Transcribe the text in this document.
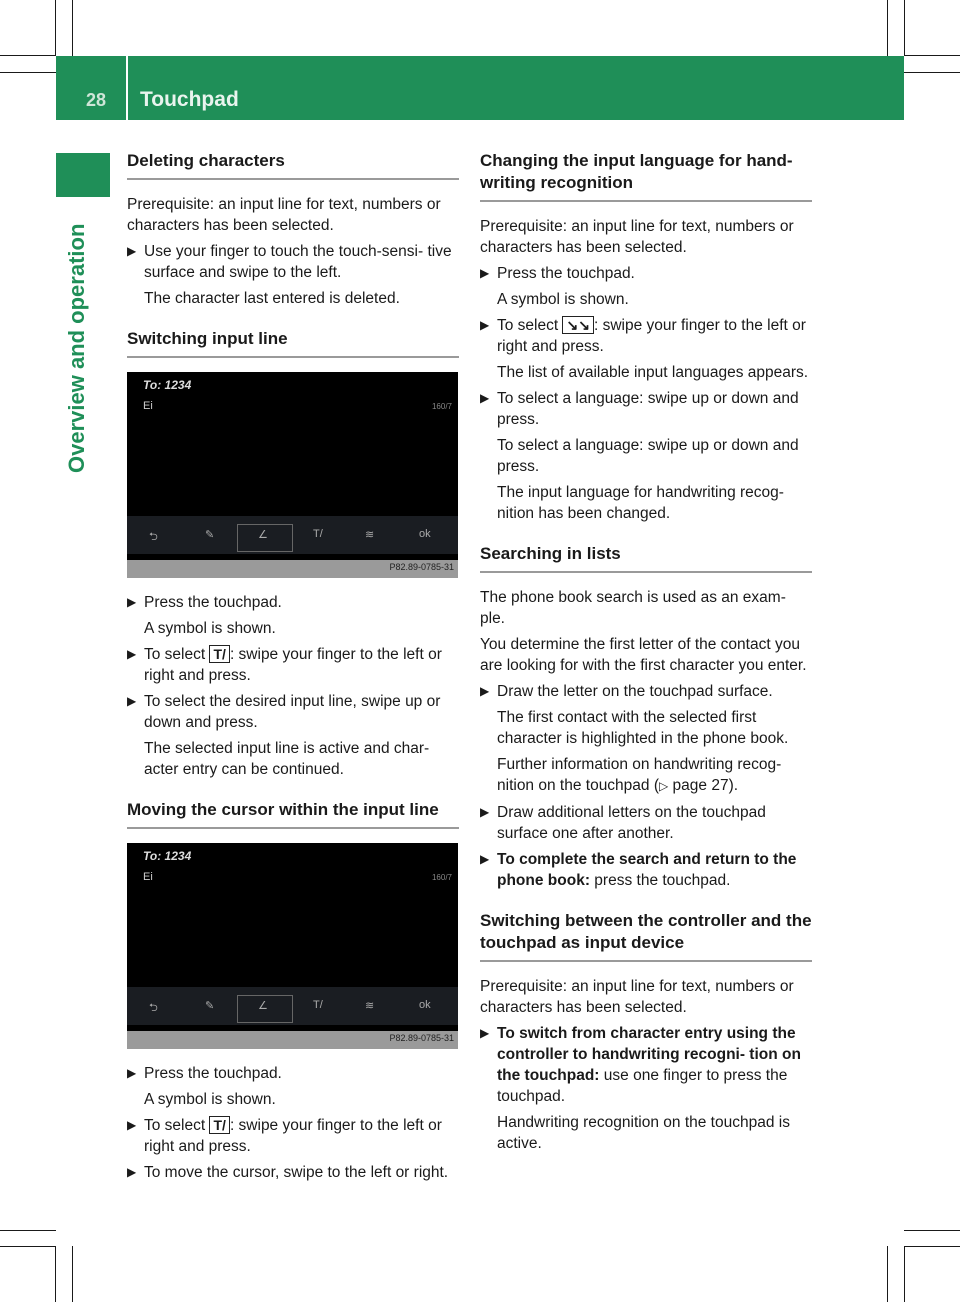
28 Touchpad
Overview and operation
Deleting characters

Prerequisite: an input line for text, numbers or characters has been selected.

▶ Use your finger to touch the touch-sensi- tive surface and swipe to the left.
The character last entered is deleted.
Switching input line
To: 1234
Ei	160/7
⮌	✎	∠	T/	≋	ok
P82.89-0785-31
▶ Press the touchpad.
A symbol is shown.
▶ To select T/ : swipe your finger to the left or right and press.
▶ To select the desired input line, swipe up or down and press.
The selected input line is active and char- acter entry can be continued.
Moving the cursor within the input line
To: 1234
Ei	160/7
⮌	✎	∠	T/	≋	ok
P82.89-0785-31
▶ Press the touchpad.
A symbol is shown.
▶ To select T/ : swipe your finger to the left or right and press.
▶ To move the cursor, swipe to the left or right.
Changing the input language for hand- writing recognition

Prerequisite: an input line for text, numbers or characters has been selected.

▶ Press the touchpad.
A symbol is shown.
▶ To select ↘↘ : swipe your finger to the left or right and press.
The list of available input languages appears.
▶ To select a language: swipe up or down and press.
To select a language: swipe up or down and press.
The input language for handwriting recog- nition has been changed.
Searching in lists

The phone book search is used as an exam- ple.

You determine the first letter of the contact you are looking for with the first character you enter.

▶ Draw the letter on the touchpad surface.
The first contact with the selected first character is highlighted in the phone book.
Further information on handwriting recog- nition on the touchpad (▷ page 27).
▶ Draw additional letters on the touchpad surface one after another.
▶ To complete the search and return to the phone book: press the touchpad.
Switching between the controller and the touchpad as input device

Prerequisite: an input line for text, numbers or characters has been selected.

▶ To switch from character entry using the controller to handwriting recogni- tion on the touchpad: use one finger to press the touchpad.
Handwriting recognition on the touchpad is active.
